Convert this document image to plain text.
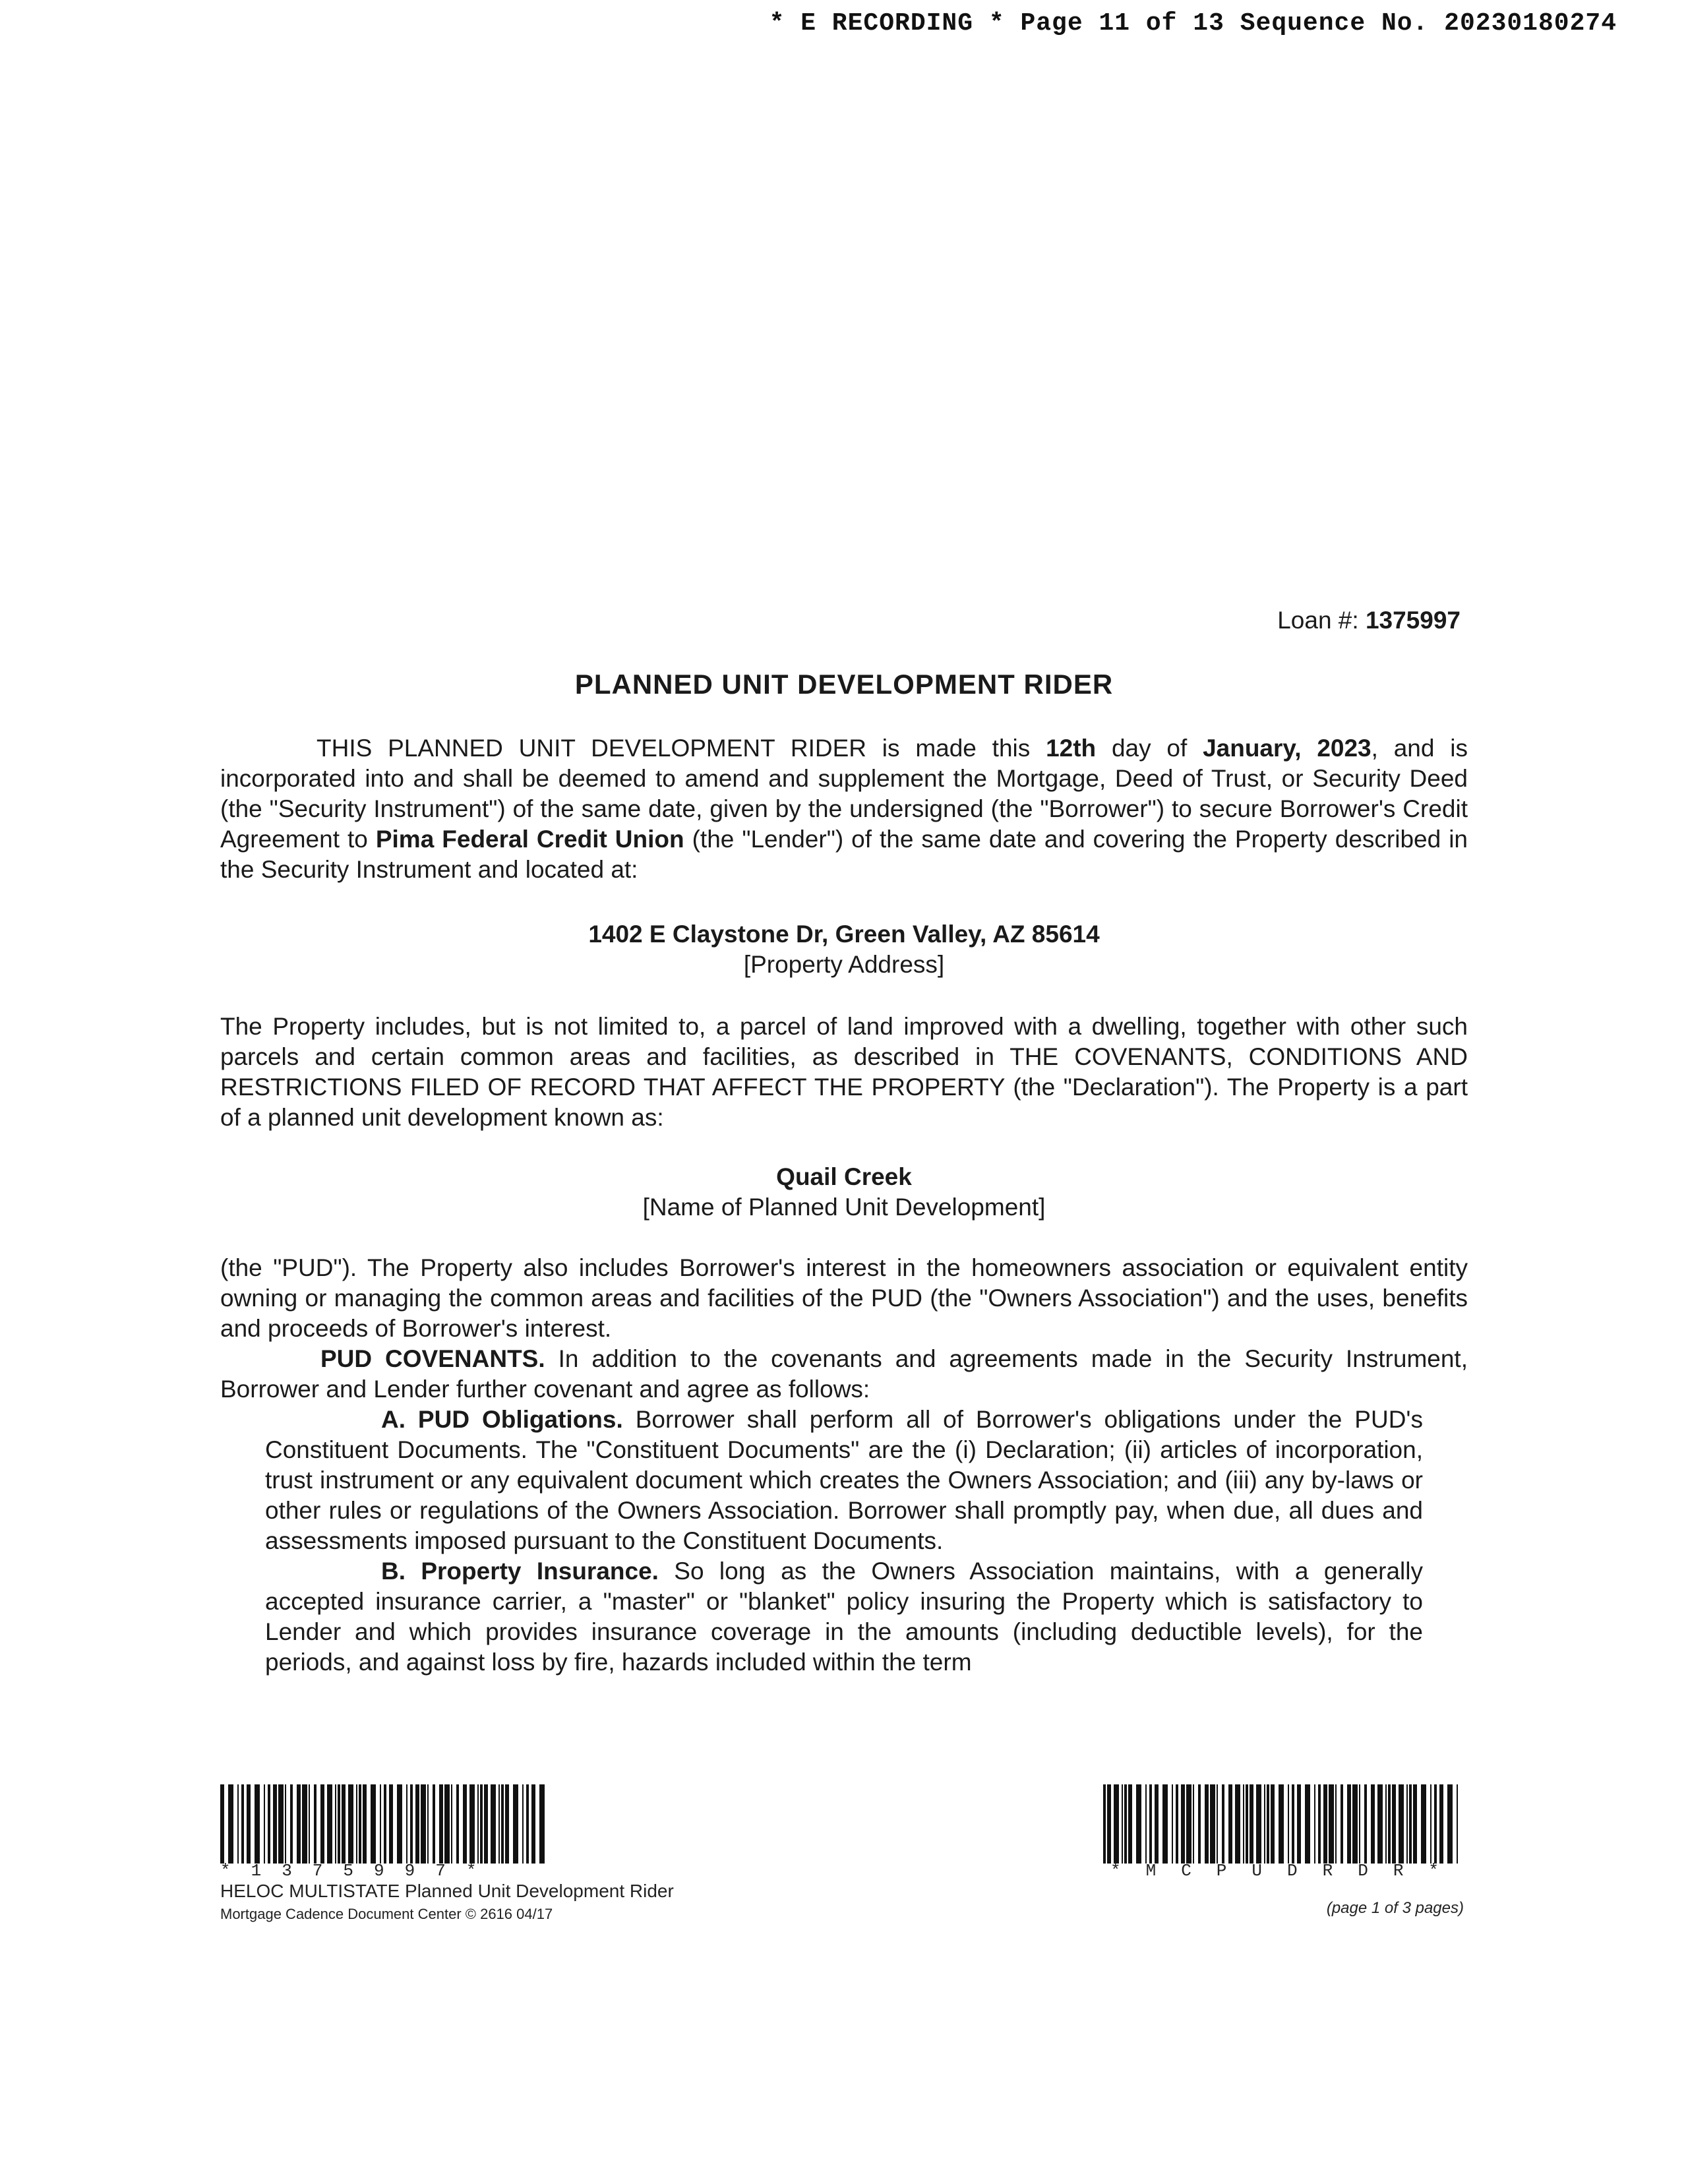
* E RECORDING * Page 11 of 13 Sequence No. 20230180274
Loan #: 1375997
PLANNED UNIT DEVELOPMENT RIDER
THIS PLANNED UNIT DEVELOPMENT RIDER is made this 12th day of January, 2023, and is incorporated into and shall be deemed to amend and supplement the Mortgage, Deed of Trust, or Security Deed (the "Security Instrument") of the same date, given by the undersigned (the "Borrower") to secure Borrower's Credit Agreement to Pima Federal Credit Union (the "Lender") of the same date and covering the Property described in the Security Instrument and located at:
1402 E Claystone Dr, Green Valley, AZ 85614
[Property Address]
The Property includes, but is not limited to, a parcel of land improved with a dwelling, together with other such parcels and certain common areas and facilities, as described in THE COVENANTS, CONDITIONS AND RESTRICTIONS FILED OF RECORD THAT AFFECT THE PROPERTY (the "Declaration"). The Property is a part of a planned unit development known as:
Quail Creek
[Name of Planned Unit Development]
(the "PUD"). The Property also includes Borrower's interest in the homeowners association or equivalent entity owning or managing the common areas and facilities of the PUD (the "Owners Association") and the uses, benefits and proceeds of Borrower's interest.
PUD COVENANTS. In addition to the covenants and agreements made in the Security Instrument, Borrower and Lender further covenant and agree as follows:
A. PUD Obligations. Borrower shall perform all of Borrower's obligations under the PUD's Constituent Documents. The "Constituent Documents" are the (i) Declaration; (ii) articles of incorporation, trust instrument or any equivalent document which creates the Owners Association; and (iii) any by-laws or other rules or regulations of the Owners Association. Borrower shall promptly pay, when due, all dues and assessments imposed pursuant to the Constituent Documents.
B. Property Insurance. So long as the Owners Association maintains, with a generally accepted insurance carrier, a "master" or "blanket" policy insuring the Property which is satisfactory to Lender and which provides insurance coverage in the amounts (including deductible levels), for the periods, and against loss by fire, hazards included within the term
*1375997*	*MCPUDRDR*
HELOC MULTISTATE Planned Unit Development Rider
Mortgage Cadence Document Center © 2616 04/17	(page 1 of 3 pages)
